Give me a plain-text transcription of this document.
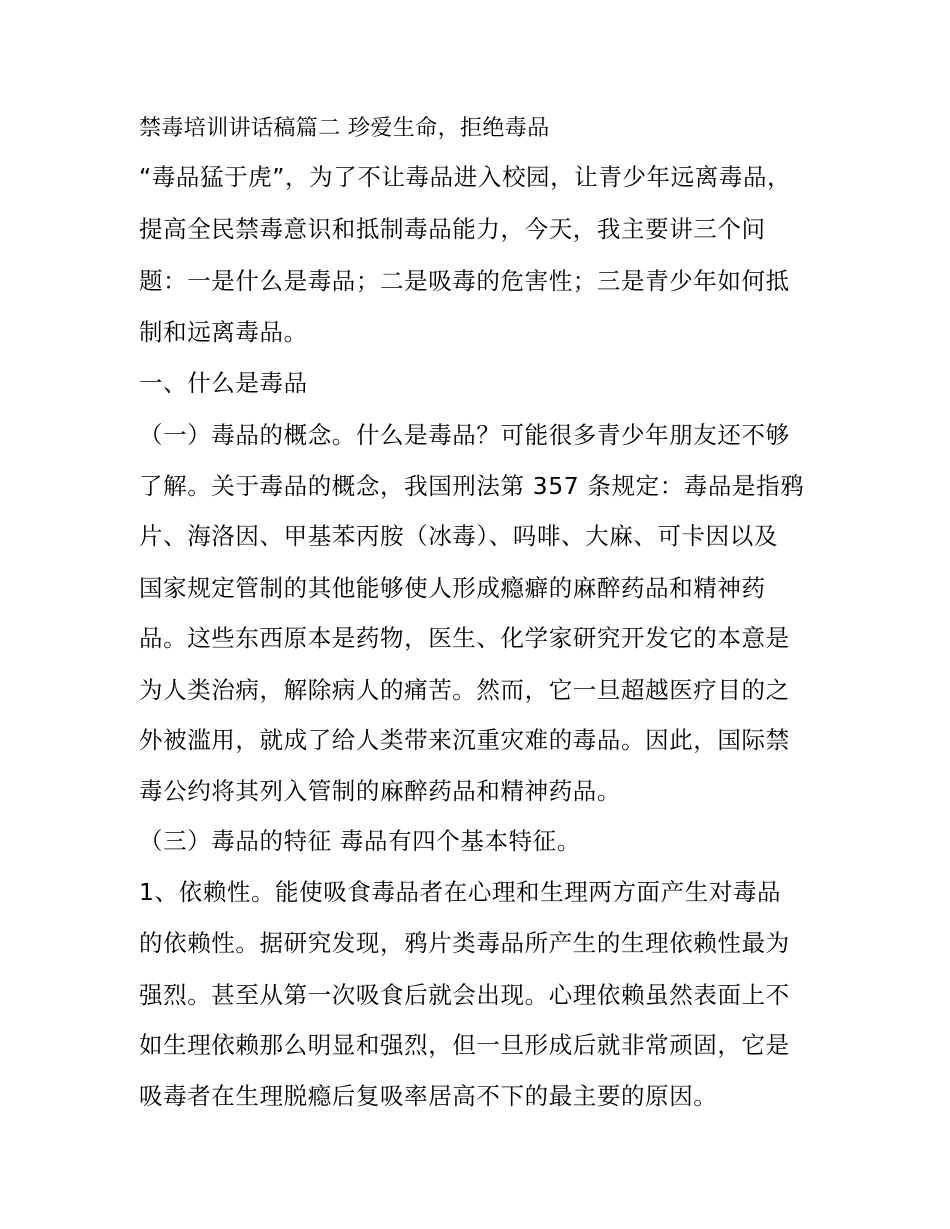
禁毒培训讲话稿篇二 珍爱生命，拒绝毒品
“毒品猛于虎”，为了不让毒品进入校园，让青少年远离毒品，
提高全民禁毒意识和抵制毒品能力，今天，我主要讲三个问
题：一是什么是毒品；二是吸毒的危害性；三是青少年如何抵
制和远离毒品。
一、什么是毒品
（一）毒品的概念。什么是毒品？可能很多青少年朋友还不够
了解。关于毒品的概念，我国刑法第 357 条规定：毒品是指鸦
片、海洛因、甲基苯丙胺（冰毒）、吗啡、大麻、可卡因以及
国家规定管制的其他能够使人形成瘾癖的麻醉药品和精神药
品。这些东西原本是药物，医生、化学家研究开发它的本意是
为人类治病，解除病人的痛苦。然而，它一旦超越医疗目的之
外被滥用，就成了给人类带来沉重灾难的毒品。因此，国际禁
毒公约将其列入管制的麻醉药品和精神药品。
（三）毒品的特征 毒品有四个基本特征。
1、依赖性。能使吸食毒品者在心理和生理两方面产生对毒品
的依赖性。据研究发现，鸦片类毒品所产生的生理依赖性最为
强烈。甚至从第一次吸食后就会出现。心理依赖虽然表面上不
如生理依赖那么明显和强烈，但一旦形成后就非常顽固，它是
吸毒者在生理脱瘾后复吸率居高不下的最主要的原因。
